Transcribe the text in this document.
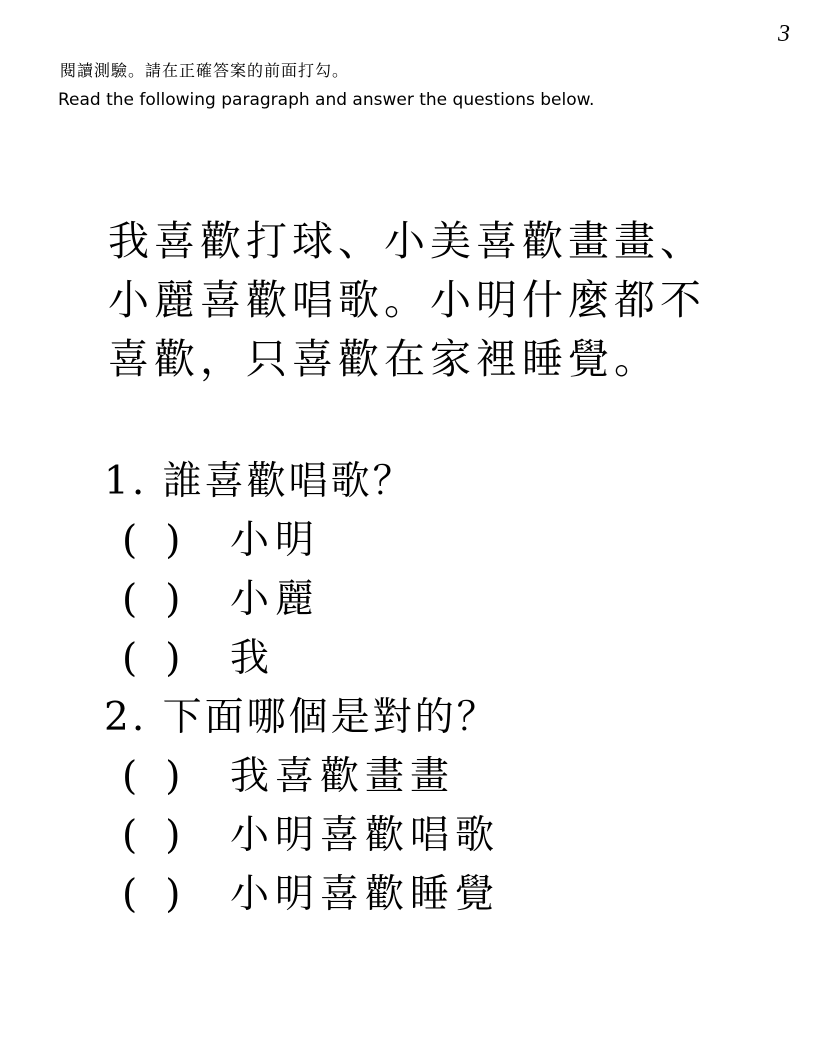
3
閱讀測驗。請在正確答案的前面打勾。
Read the following paragraph and answer the questions below.
我喜歡打球、小美喜歡畫畫、
小麗喜歡唱歌。小明什麼都不
喜歡，只喜歡在家裡睡覺。
1. 誰喜歡唱歌？
( )	小明
( )	小麗
( )	我
2. 下面哪個是對的？
( )	我喜歡畫畫
( )	小明喜歡唱歌
( )	小明喜歡睡覺
